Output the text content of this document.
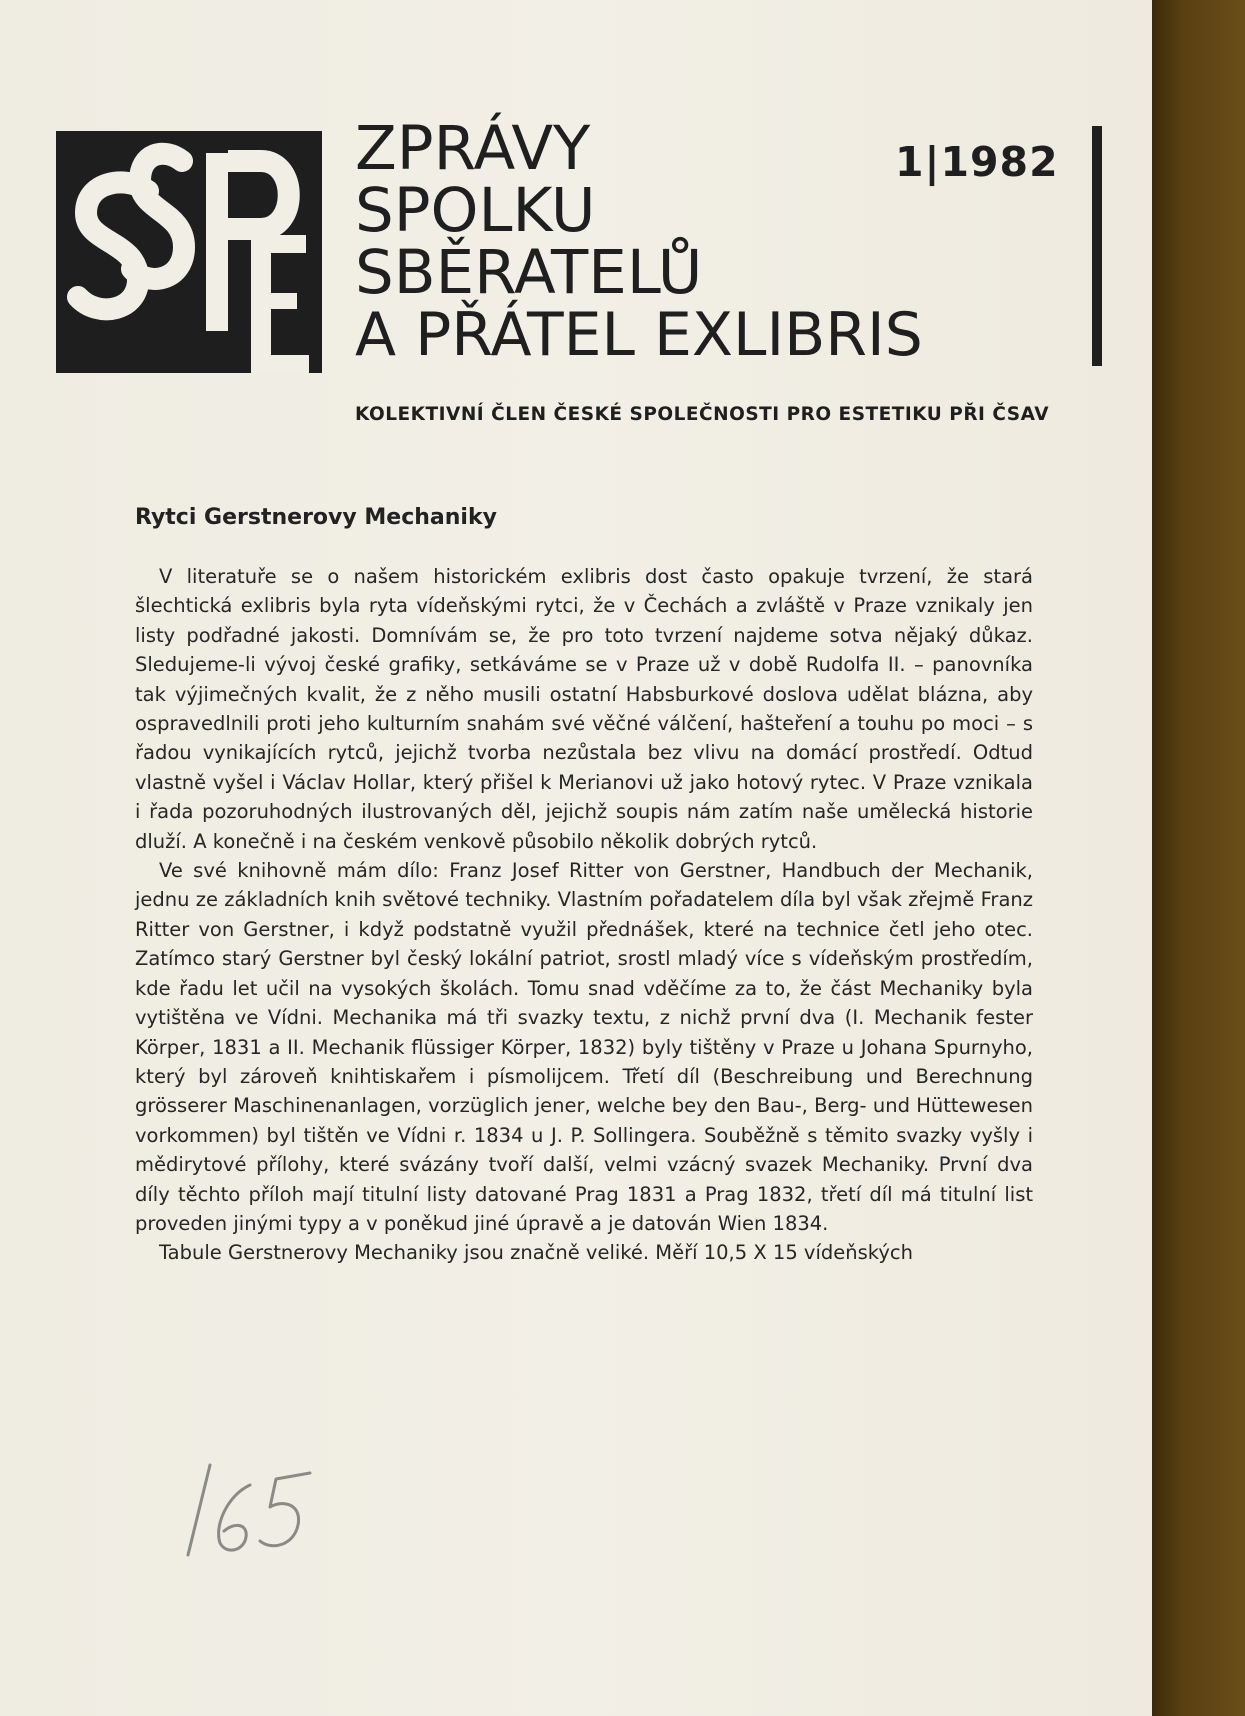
ZPRÁVY
SPOLKU
SBĚRATELŮ
A PŘÁTEL EXLIBRIS
1|1982
KOLEKTIVNÍ ČLEN ČESKÉ SPOLEČNOSTI PRO ESTETIKU PŘI ČSAV
Rytci Gerstnerovy Mechaniky

V literatuře se o našem historickém exlibris dost často opakuje tvrzení, že stará šlechtická exlibris byla ryta vídeňskými rytci, že v Čechách a zvláště v Praze vznikaly jen listy podřadné jakosti. Domnívám se, že pro toto tvrzení najdeme sotva nějaký důkaz. Sledujeme-li vývoj české grafiky, setkáváme se v Praze už v době Rudolfa II. – panovníka tak výjimečných kvalit, že z něho musili ostatní Habsburkové doslova udělat blázna, aby ospravedlnili proti jeho kulturním snahám své věčné válčení, hašteření a touhu po moci – s řadou vynikajících rytců, jejichž tvorba nezůstala bez vlivu na domácí prostředí. Odtud vlastně vyšel i Václav Hollar, který přišel k Merianovi už jako hotový rytec. V Praze vznikala i řada pozoruhodných ilustrovaných děl, jejichž soupis nám zatím naše umělecká historie dluží. A konečně i na českém venkově působilo několik dobrých rytců.

Ve své knihovně mám dílo: Franz Josef Ritter von Gerstner, Handbuch der Mechanik, jednu ze základních knih světové techniky. Vlastním pořadatelem díla byl však zřejmě Franz Ritter von Gerstner, i když podstatně využil přednášek, které na technice četl jeho otec. Zatímco starý Gerstner byl český lokální patriot, srostl mladý více s vídeňským prostředím, kde řadu let učil na vysokých školách. Tomu snad vděčíme za to, že část Mechaniky byla vytištěna ve Vídni. Mechanika má tři svazky textu, z nichž první dva (I. Mechanik fester Körper, 1831 a II. Mechanik flüssiger Körper, 1832) byly tištěny v Praze u Johana Spurnyho, který byl zároveň knihtiskařem i písmolijcem. Třetí díl (Beschreibung und Berechnung grösserer Maschinenanlagen, vorzüglich jener, welche bey den Bau-, Berg- und Hüttewesen vorkommen) byl tištěn ve Vídni r. 1834 u J. P. Sollingera. Souběžně s těmito svazky vyšly i mědirytové přílohy, které svázány tvoří další, velmi vzácný svazek Mechaniky. První dva díly těchto příloh mají titulní listy datované Prag 1831 a Prag 1832, třetí díl má titulní list proveden jinými typy a v poněkud jiné úpravě a je datován Wien 1834.

Tabule Gerstnerovy Mechaniky jsou značně veliké. Měří 10,5 X 15 vídeňských

165
